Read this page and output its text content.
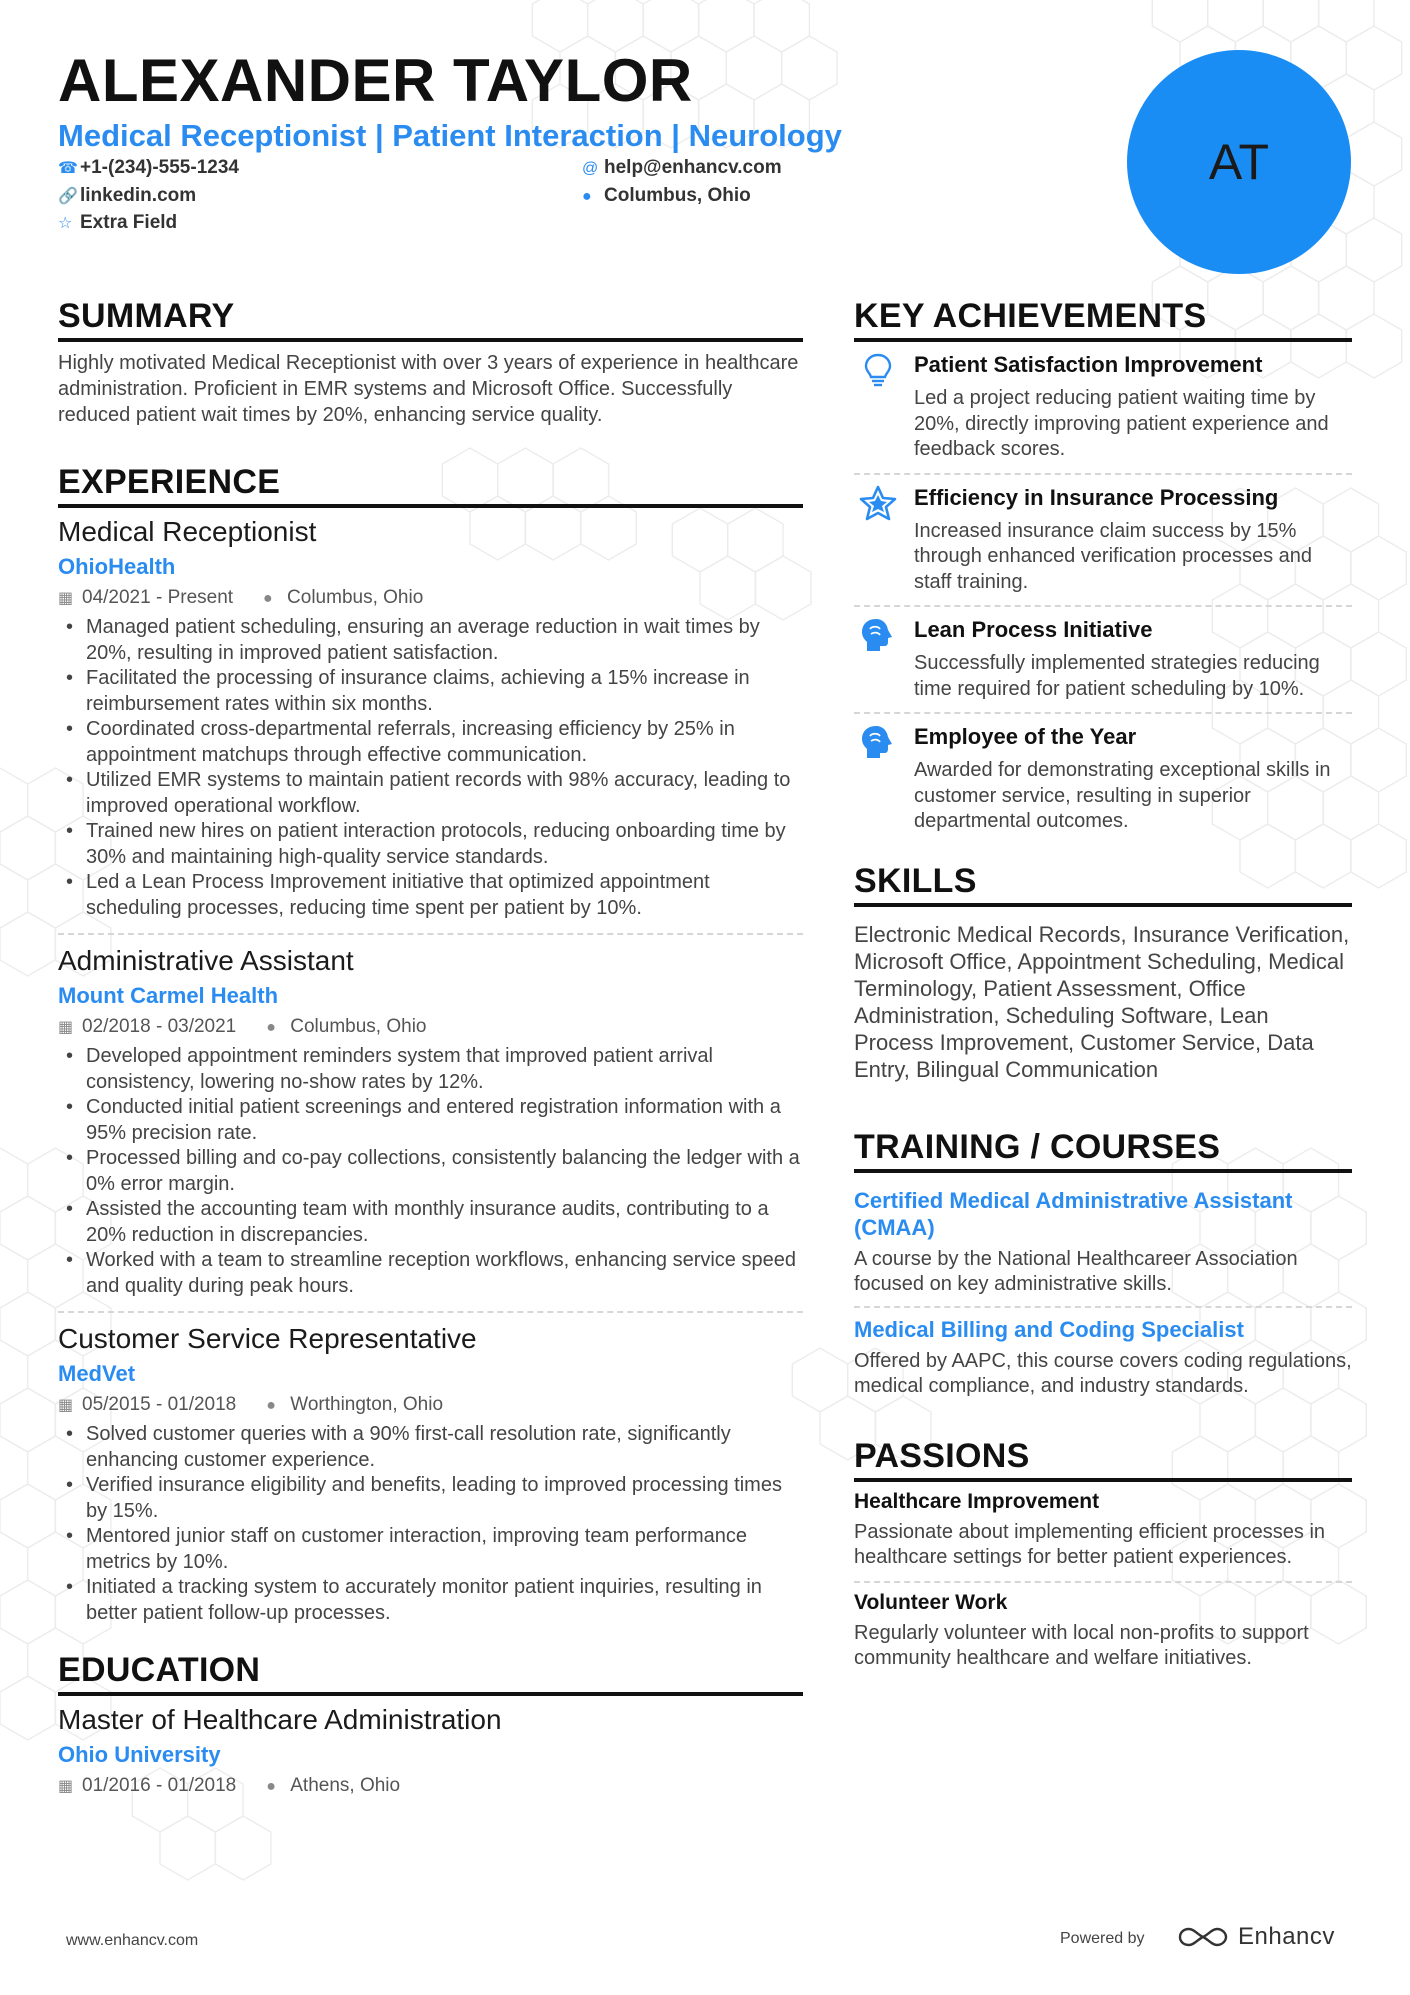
ALEXANDER TAYLOR
Medical Receptionist | Patient Interaction | Neurology
☎ +1-(234)-555-1234	@ help@enhancv.com
🔗 linkedin.com	● Columbus, Ohio
☆ Extra Field
AT
SUMMARY
Highly motivated Medical Receptionist with over 3 years of experience in healthcare administration. Proficient in EMR systems and Microsoft Office. Successfully reduced patient wait times by 20%, enhancing service quality.
EXPERIENCE
Medical Receptionist
OhioHealth
▦ 04/2021 - Present ● Columbus, Ohio
• Managed patient scheduling, ensuring an average reduction in wait times by 20%, resulting in improved patient satisfaction.
• Facilitated the processing of insurance claims, achieving a 15% increase in reimbursement rates within six months.
• Coordinated cross-departmental referrals, increasing efficiency by 25% in appointment matchups through effective communication.
• Utilized EMR systems to maintain patient records with 98% accuracy, leading to improved operational workflow.
• Trained new hires on patient interaction protocols, reducing onboarding time by 30% and maintaining high-quality service standards.
• Led a Lean Process Improvement initiative that optimized appointment scheduling processes, reducing time spent per patient by 10%.
Administrative Assistant
Mount Carmel Health
▦ 02/2018 - 03/2021 ● Columbus, Ohio
• Developed appointment reminders system that improved patient arrival consistency, lowering no-show rates by 12%.
• Conducted initial patient screenings and entered registration information with a 95% precision rate.
• Processed billing and co-pay collections, consistently balancing the ledger with a 0% error margin.
• Assisted the accounting team with monthly insurance audits, contributing to a 20% reduction in discrepancies.
• Worked with a team to streamline reception workflows, enhancing service speed and quality during peak hours.
Customer Service Representative
MedVet
▦ 05/2015 - 01/2018 ● Worthington, Ohio
• Solved customer queries with a 90% first-call resolution rate, significantly enhancing customer experience.
• Verified insurance eligibility and benefits, leading to improved processing times by 15%.
• Mentored junior staff on customer interaction, improving team performance metrics by 10%.
• Initiated a tracking system to accurately monitor patient inquiries, resulting in better patient follow-up processes.
EDUCATION
Master of Healthcare Administration
Ohio University
▦ 01/2016 - 01/2018 ● Athens, Ohio
KEY ACHIEVEMENTS
Patient Satisfaction Improvement
Led a project reducing patient waiting time by 20%, directly improving patient experience and feedback scores.
Efficiency in Insurance Processing
Increased insurance claim success by 15% through enhanced verification processes and staff training.
Lean Process Initiative
Successfully implemented strategies reducing time required for patient scheduling by 10%.
Employee of the Year
Awarded for demonstrating exceptional skills in customer service, resulting in superior departmental outcomes.
SKILLS
Electronic Medical Records, Insurance Verification, Microsoft Office, Appointment Scheduling, Medical Terminology, Patient Assessment, Office Administration, Scheduling Software, Lean Process Improvement, Customer Service, Data Entry, Bilingual Communication
TRAINING / COURSES
Certified Medical Administrative Assistant (CMAA)
A course by the National Healthcareer Association focused on key administrative skills.
Medical Billing and Coding Specialist
Offered by AAPC, this course covers coding regulations, medical compliance, and industry standards.
PASSIONS
Healthcare Improvement
Passionate about implementing efficient processes in healthcare settings for better patient experiences.
Volunteer Work
Regularly volunteer with local non-profits to support community healthcare and welfare initiatives.
www.enhancv.com	Powered by	Enhancv
